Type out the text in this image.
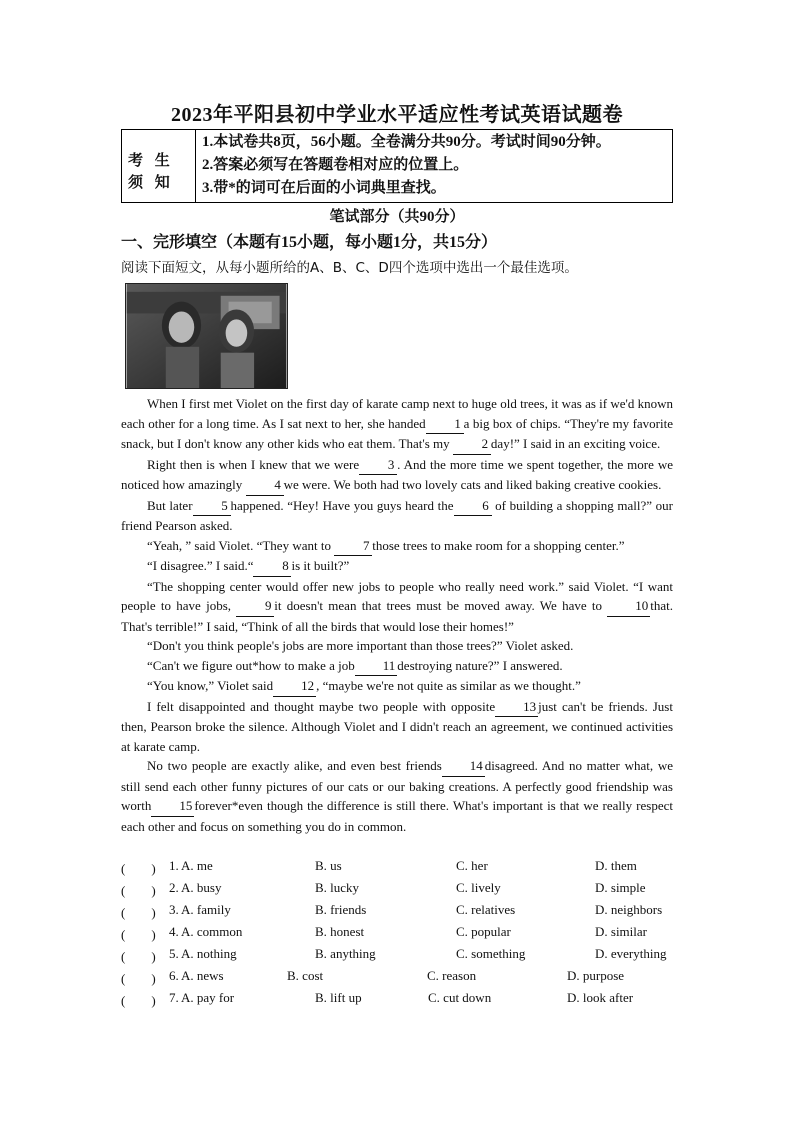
2023年平阳县初中学业水平适应性考试英语试题卷
考 生 须 知
1.本试卷共8页，56小题。全卷满分共90分。考试时间90分钟。
2.答案必须写在答题卷相对应的位置上。
3.带*的词可在后面的小词典里查找。
笔试部分（共90分）
一、完形填空（本题有15小题，每小题1分，共15分）
阅读下面短文，从每小题所给的A、B、C、D四个选项中选出一个最佳选项。

When I first met Violet on the first day of karate camp next to huge old trees, it was as if we'd known each other for a long time. As I sat next to her, she handed 1 a big box of chips. “They're my favorite snack, but I don't know any other kids who eat them. That's my 2 day!” I said in an exciting voice.

Right then is when I knew that we were 3 . And the more time we spent together, the more we noticed how amazingly 4 we were. We both had two lovely cats and liked baking creative cookies.

But later 5 happened. “Hey! Have you guys heard the 6 of building a shopping mall?” our friend Pearson asked.

“Yeah, ” said Violet. “They want to 7 those trees to make room for a shopping center.”

“I disagree.” I said.“ 8 is it built?”

“The shopping center would offer new jobs to people who really need work.” said Violet. “I want people to have jobs,	9 it doesn't mean that trees must be moved away. We have to	10 that. That's terrible!” I said, “Think of all the birds that would lose their homes!”

“Don't you think people's jobs are more important than those trees?” Violet asked.

“Can't we figure out*how to make a job 11 destroying nature?” I answered.

“You know,” Violet said 12 , “maybe we're not quite as similar as we thought.”

I felt disappointed and thought maybe two people with opposite 13 just can't be friends. Just then, Pearson broke the silence. Although Violet and I didn't reach an agreement, we continued activities at karate camp.

No two people are exactly alike, and even best friends 14 disagreed. And no matter what, we still send each other funny pictures of our cats or our baking creations. A perfectly good friendship was worth 15 forever*even though the difference is still there. What's important is that we really respect each other and focus on something you do in common.

(　　) 1. A. me	B. us	C. her	D. them
(　　) 2. A. busy	B. lucky	C. lively	D. simple
(　　) 3. A. family	B. friends	C. relatives	D. neighbors
(　　) 4. A. common	B. honest	C. popular	D. similar
(　　) 5. A. nothing	B. anything	C. something	D. everything
(　　) 6. A. news	B. cost	C. reason	D. purpose
(　　) 7. A. pay for	B. lift up	C. cut down	D. look after
